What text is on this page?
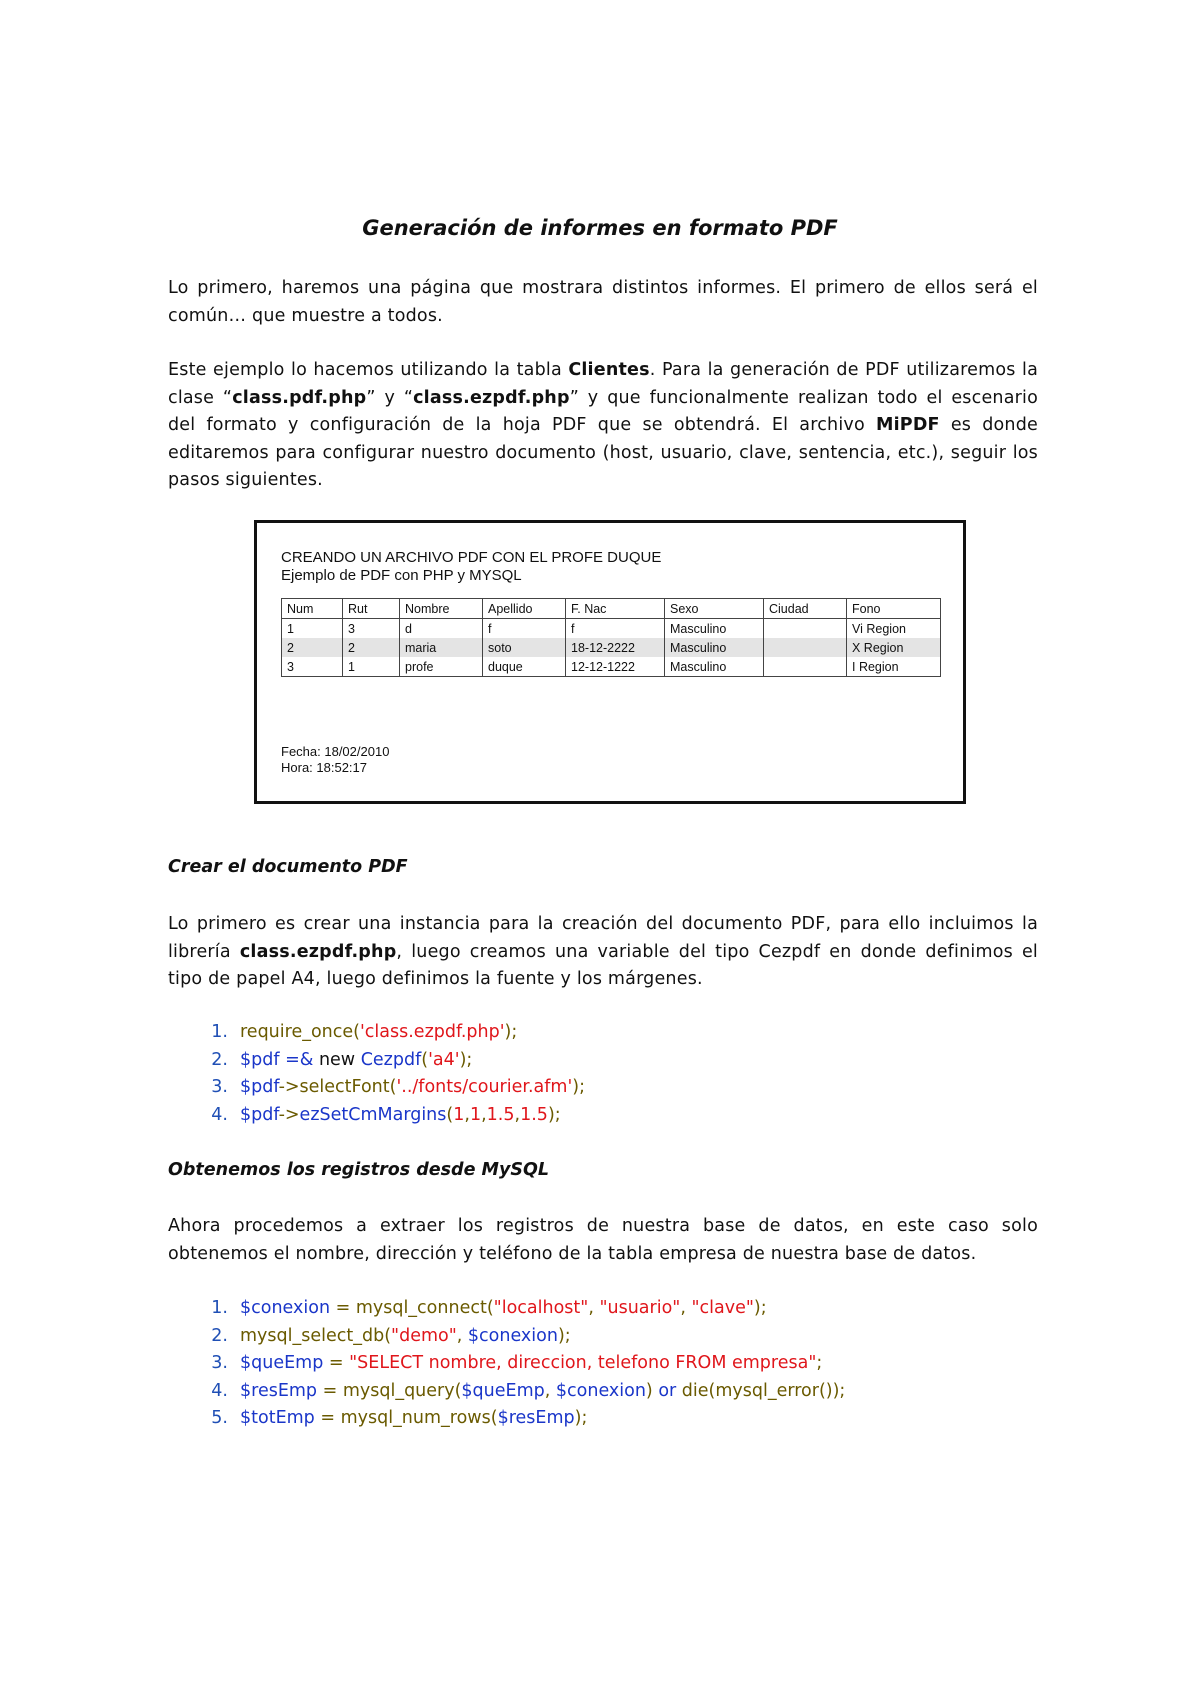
Generación de informes en formato PDF
Lo primero, haremos una página que mostrara distintos informes. El primero de ellos será el común… que muestre a todos.
Este ejemplo lo hacemos utilizando la tabla Clientes. Para la generación de PDF utilizaremos la clase “class.pdf.php” y “class.ezpdf.php” y que funcionalmente realizan todo el escenario del formato y configuración de la hoja PDF que se obtendrá. El archivo MiPDF es donde editaremos para configurar nuestro documento (host, usuario, clave, sentencia, etc.), seguir los pasos siguientes.
CREANDO UN ARCHIVO PDF CON EL PROFE DUQUE
Ejemplo de PDF con PHP y MYSQL
Num	Rut	Nombre	Apellido	F. Nac	Sexo	Ciudad	Fono
1	3	d	f	f	Masculino		Vi Region
2	2	maria	soto	18-12-2222	Masculino		X Region
3	1	profe	duque	12-12-1222	Masculino		I Region
Fecha: 18/02/2010
Hora: 18:52:17
Crear el documento PDF
Lo primero es crear una instancia para la creación del documento PDF, para ello incluimos la librería class.ezpdf.php, luego creamos una variable del tipo Cezpdf en donde definimos el tipo de papel A4, luego definimos la fuente y los márgenes.
1. require_once('class.ezpdf.php');
2. $pdf =& new Cezpdf('a4');
3. $pdf->selectFont('../fonts/courier.afm');
4. $pdf->ezSetCmMargins(1,1,1.5,1.5);
Obtenemos los registros desde MySQL
Ahora procedemos a extraer los registros de nuestra base de datos, en este caso solo obtenemos el nombre, dirección y teléfono de la tabla empresa de nuestra base de datos.
1. $conexion = mysql_connect("localhost", "usuario", "clave");
2. mysql_select_db("demo", $conexion);
3. $queEmp = "SELECT nombre, direccion, telefono FROM empresa";
4. $resEmp = mysql_query($queEmp, $conexion) or die(mysql_error());
5. $totEmp = mysql_num_rows($resEmp);
